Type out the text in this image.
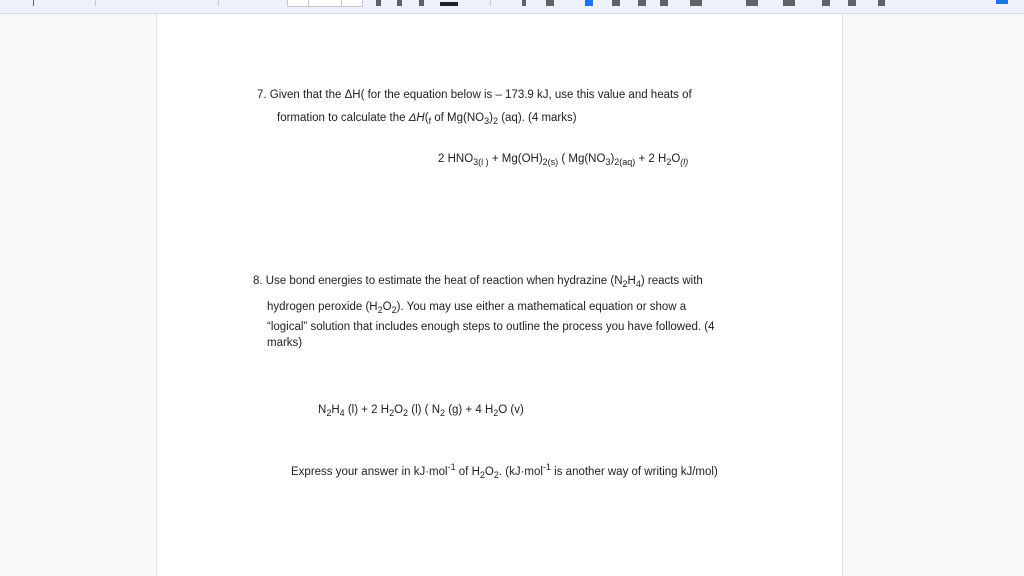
7. Given that the ΔH( for the equation below is – 173.9 kJ, use this value and heats of
formation to calculate the $\Delta H(_f$ of $Mg(NO_3)_2$ (aq). (4 marks)
2 $HNO_{3(l )} + Mg(OH)_{2(s)}$ ( $Mg(NO_3)_{2(aq)} + 2$ $H_2O_{(l)}$
8. Use bond energies to estimate the heat of reaction when hydrazine $(N_2H_4)$ reacts with
hydrogen peroxide $(H_2O_2)$. You may use either a mathematical equation or show a
“logical” solution that includes enough steps to outline the process you have followed. (4
marks)
$N_2H_4$ (l) + 2 $H_2O_2$ (l) ( $N_2$ (g) + 4 $H_2O$ (v)
Express your answer in kJ·mol$^{-1}$ of $H_2O_2$. (kJ·mol$^{-1}$ is another way of writing kJ/mol)
